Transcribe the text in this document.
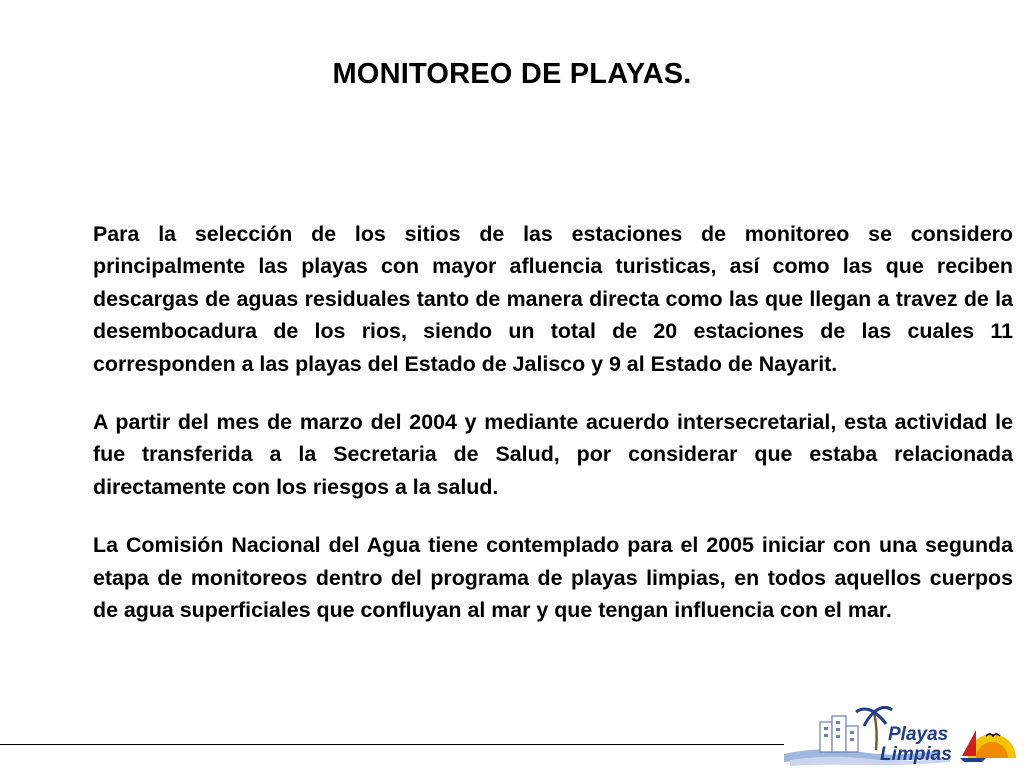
MONITOREO DE PLAYAS.

Para la selección de los sitios de las estaciones de monitoreo se considero principalmente las playas con mayor afluencia turisticas, así como las que reciben descargas de aguas residuales tanto de manera directa como las que llegan a travez de la desembocadura de los rios, siendo un total de 20 estaciones de las cuales 11 corresponden a las playas del Estado de Jalisco y 9 al Estado de Nayarit.

A partir del mes de marzo del 2004 y mediante acuerdo intersecretarial, esta actividad le fue transferida a la Secretaria de Salud, por considerar que estaba relacionada directamente con los riesgos a la salud.

La Comisión Nacional del Agua tiene contemplado para el 2005 iniciar con una segunda etapa de monitoreos dentro del programa de playas limpias, en todos aquellos cuerpos de agua superficiales que confluyan al mar y que tengan influencia con el mar.

Playas
Limpias
